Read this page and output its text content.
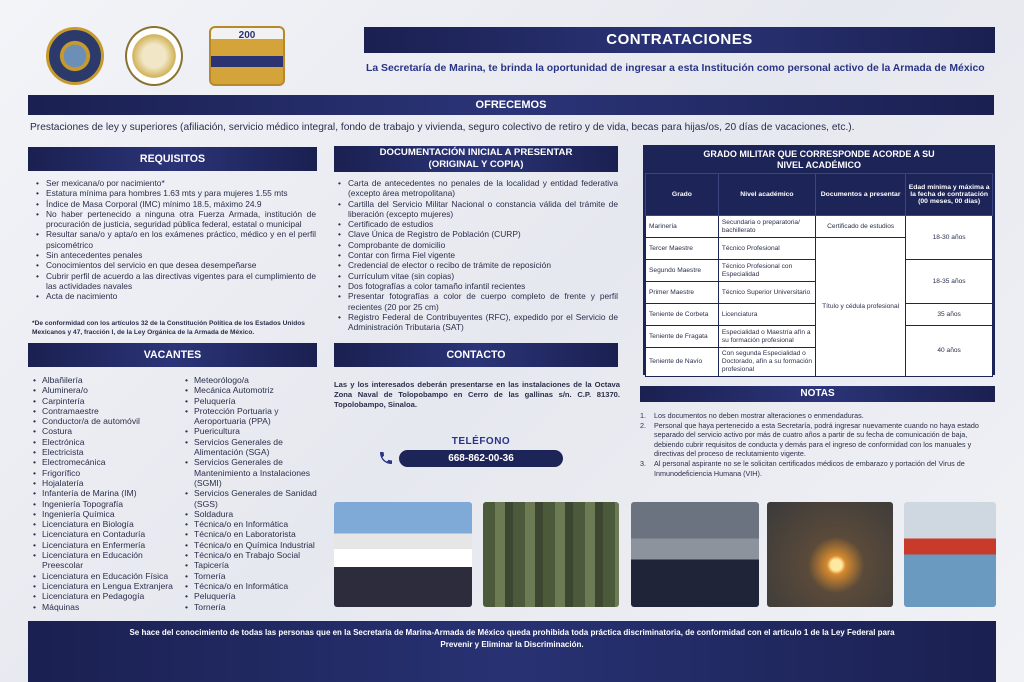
200	CONTRATACIONES
La Secretaría de Marina, te brinda la oportunidad de ingresar a esta Institución como personal activo de la Armada de México
OFRECEMOS
Prestaciones de ley y superiores (afiliación, servicio médico integral, fondo de trabajo y vivienda, seguro colectivo de retiro y de vida, becas para hijas/os, 20 días de vacaciones, etc.).
REQUISITOS
• Ser mexicana/o por nacimiento*
• Estatura mínima para hombres 1.63 mts y para mujeres 1.55 mts
• Índice de Masa Corporal (IMC) mínimo 18.5, máximo 24.9
• No haber pertenecido a ninguna otra Fuerza Armada, institución de procuración de justicia, seguridad pública federal, estatal o municipal
• Resultar sana/o y apta/o en los exámenes práctico, médico y en el perfil psicométrico
• Sin antecedentes penales
• Conocimientos del servicio en que desea desempeñarse
• Cubrir perfil de acuerdo a las directivas vigentes para el cumplimiento de las actividades navales
• Acta de nacimiento
*De conformidad con los artículos 32 de la Constitución Política de los Estados Unidos Mexicanos y 47, fracción I, de la Ley Orgánica de la Armada de México.
DOCUMENTACIÓN INICIAL A PRESENTAR
(ORIGINAL Y COPIA)
• Carta de antecedentes no penales de la localidad y entidad federativa (excepto área metropolitana)
• Cartilla del Servicio Militar Nacional o constancia válida del trámite de liberación (excepto mujeres)
• Certificado de estudios
• Clave Única de Registro de Población (CURP)
• Comprobante de domicilio
• Contar con firma Fiel vigente
• Credencial de elector o recibo de trámite de reposición
• Currículum vitae (sin copias)
• Dos fotografías a color tamaño infantil recientes
• Presentar fotografías a color de cuerpo completo de frente y perfil recientes (20 por 25 cm)
• Registro Federal de Contribuyentes (RFC), expedido por el Servicio de Administración Tributaria (SAT)
GRADO MILITAR QUE CORRESPONDE ACORDE A SU
NIVEL ACADÉMICO
Grado	Nivel académico	Documentos a presentar	Edad mínima y máxima a la fecha de contratación (00 meses, 00 días)
Marinería	Secundaria o preparatoria/ bachillerato	Certificado de estudios	18-30 años
Tercer Maestre	Técnico Profesional	Título y cédula profesional	
Segundo Maestre	Técnico Profesional con Especialidad		18-35 años
Primer Maestre	Técnico Superior Universitario		
Teniente de Corbeta	Licenciatura		35 años
Teniente de Fragata	Especialidad o Maestría afín a su formación profesional		40 años
Teniente de Navío	Con segunda Especialidad o Doctorado, afín a su formación profesional		
VACANTES
• Albañilería
• Aluminera/o
• Carpintería
• Contramaestre
• Conductor/a de automóvil
• Costura
• Electrónica
• Electricista
• Electromecánica
• Frigorífico
• Hojalatería
• Infantería de Marina (IM)
• Ingeniería Topografía
• Ingeniería Química
• Licenciatura en Biología
• Licenciatura en Contaduría
• Licenciatura en Enfermería
• Licenciatura en Educación Preescolar
• Licenciatura en Educación Física
• Licenciatura en Lengua Extranjera
• Licenciatura en Pedagogía
• Máquinas
• Meteorólogo/a
• Mecánica Automotriz
• Peluquería
• Protección Portuaria y Aeroportuaria (PPA)
• Puericultura
• Servicios Generales de Alimentación (SGA)
• Servicios Generales de Mantenimiento a Instalaciones (SGMI)
• Servicios Generales de Sanidad (SGS)
• Soldadura
• Técnica/o en Informática
• Técnica/o en Laboratorista
• Técnica/o en Química Industrial
• Técnica/o en Trabajo Social
• Tapicería
• Tornería
• Técnica/o en Informática
• Peluquería
• Tornería
CONTACTO
Las y los interesados deberán presentarse en las instalaciones de la Octava Zona Naval de Tolopobampo en Cerro de las gallinas s/n. C.P. 81370. Topolobampo, Sinaloa.
TELÉFONO
668-862-00-36
NOTAS
1. Los documentos no deben mostrar alteraciones o enmendaduras.
2. Personal que haya pertenecido a esta Secretaría, podrá ingresar nuevamente cuando no haya estado separado del servicio activo por más de cuatro años a partir de su fecha de comunicación de baja, debiendo cubrir requisitos de conducta y demás para el ingreso de conformidad con los manuales y directivas del proceso de reclutamiento vigente.
3. Al personal aspirante no se le solicitan certificados médicos de embarazo y portación del Virus de Inmunodeficiencia Humana (VIH).
Se hace del conocimiento de todas las personas que en la Secretaría de Marina-Armada de México queda prohibida toda práctica discriminatoria, de conformidad con el artículo 1 de la Ley Federal para Prevenir y Eliminar la Discriminación.
